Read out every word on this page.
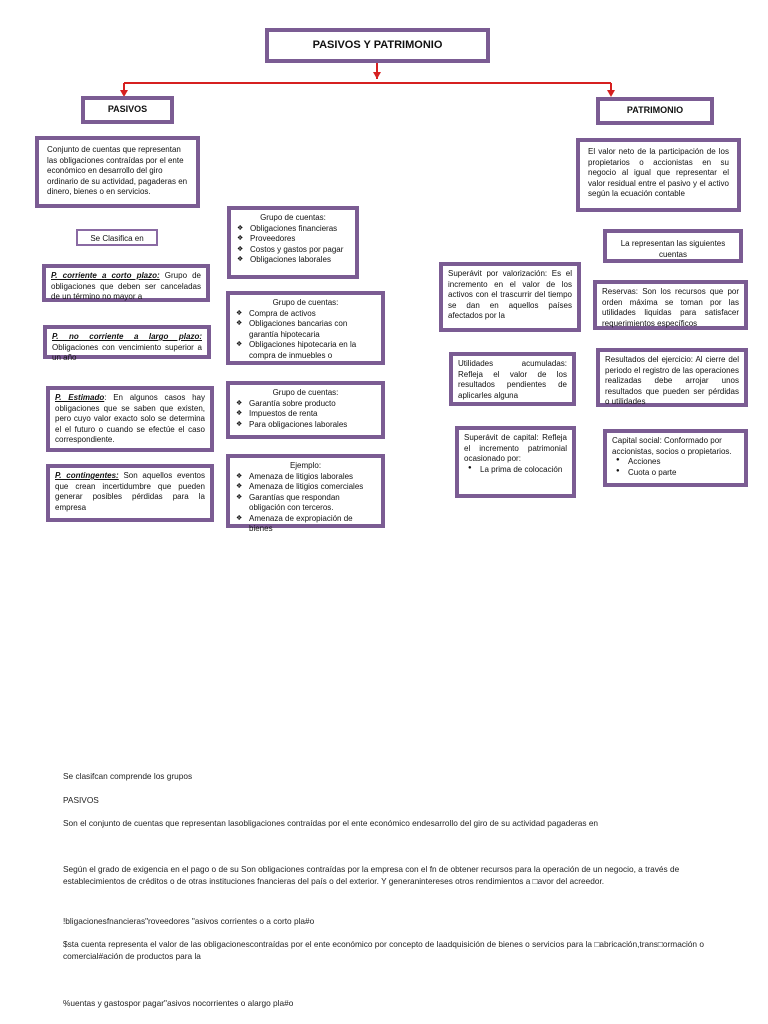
PASIVOS Y PATRIMONIO
PASIVOS	PATRIMONIO
Conjunto de cuentas que representan las obligaciones contraídas por el ente económico en desarrollo del giro ordinario de su actividad, pagaderas en dinero, bienes o en servicios.
Se Clasifica en
P. corriente a corto plazo: Grupo de obligaciones que deben ser canceladas de un término no mayor a
P. no corriente a largo plazo: Obligaciones con vencimiento superior a un año
P. Estimado: En algunos casos hay obligaciones que se saben que existen, pero cuyo valor exacto solo se determina el el futuro o cuando se efectúe el caso correspondiente.
P. contingentes: Son aquellos eventos que crean incertidumbre que pueden generar posibles pérdidas para la empresa
Grupo de cuentas:
❖ Obligaciones financieras
❖ Proveedores
❖ Costos y gastos por pagar
❖ Obligaciones laborales
Grupo de cuentas:
❖ Compra de activos
❖ Obligaciones bancarias con garantía hipotecaria
❖ Obligaciones hipotecaria en la compra de inmuebles o
Grupo de cuentas:
❖ Garantía sobre producto
❖ Impuestos de renta
❖ Para obligaciones laborales
Ejemplo:
❖ Amenaza de litigios laborales
❖ Amenaza de litigios comerciales
❖ Garantías que respondan obligación con terceros.
❖ Amenaza de expropiación de bienes
El valor neto de la participación de los propietarios o accionistas en su negocio al igual que representar el valor residual entre el pasivo y el activo según la ecuación contable
La representan las siguientes cuentas
Superávit por valorización: Es el incremento en el valor de los activos con el trascurrir del tiempo se dan en aquellos países afectados por la
Utilidades acumuladas: Refleja el valor de los resultados pendientes de aplicarles alguna
Superávit de capital: Refleja el incremento patrimonial ocasionado por:
● La prima de colocación
Reservas: Son los recursos que por orden máxima se toman por las utilidades liquidas para satisfacer requerimientos específicos
Resultados del ejercicio: Al cierre del periodo el registro de las operaciones realizadas debe arrojar unos resultados que pueden ser pérdidas o utilidades
Capital social: Conformado por accionistas, socios o propietarios.
● Acciones
● Cuota o parte
Se clasifcan comprende los grupos
PASIVOS
Son el conjunto de cuentas que representan lasobligaciones contraídas por el ente económico endesarrollo del giro de su actividad pagaderas en
Según el grado de exigencia en el pago o de su Son obligaciones contraídas por la empresa con el fn de obtener recursos para la operación de un negocio, a través de establecimientos de créditos o de otras instituciones fnancieras del país o del exterior. Y generanintereses otros rendimientos a □avor del acreedor.
!bligacionesfnancieras"roveedores "asivos corrientes o a corto pla#o
$sta cuenta representa el valor de las obligacionescontraídas por el ente económico por concepto de laadquisición de bienes o servicios para la □abricación,trans□ormación o comercial#ación de productos para la
%uentas y gastospor pagar"asivos nocorrientes o alargo pla#o
